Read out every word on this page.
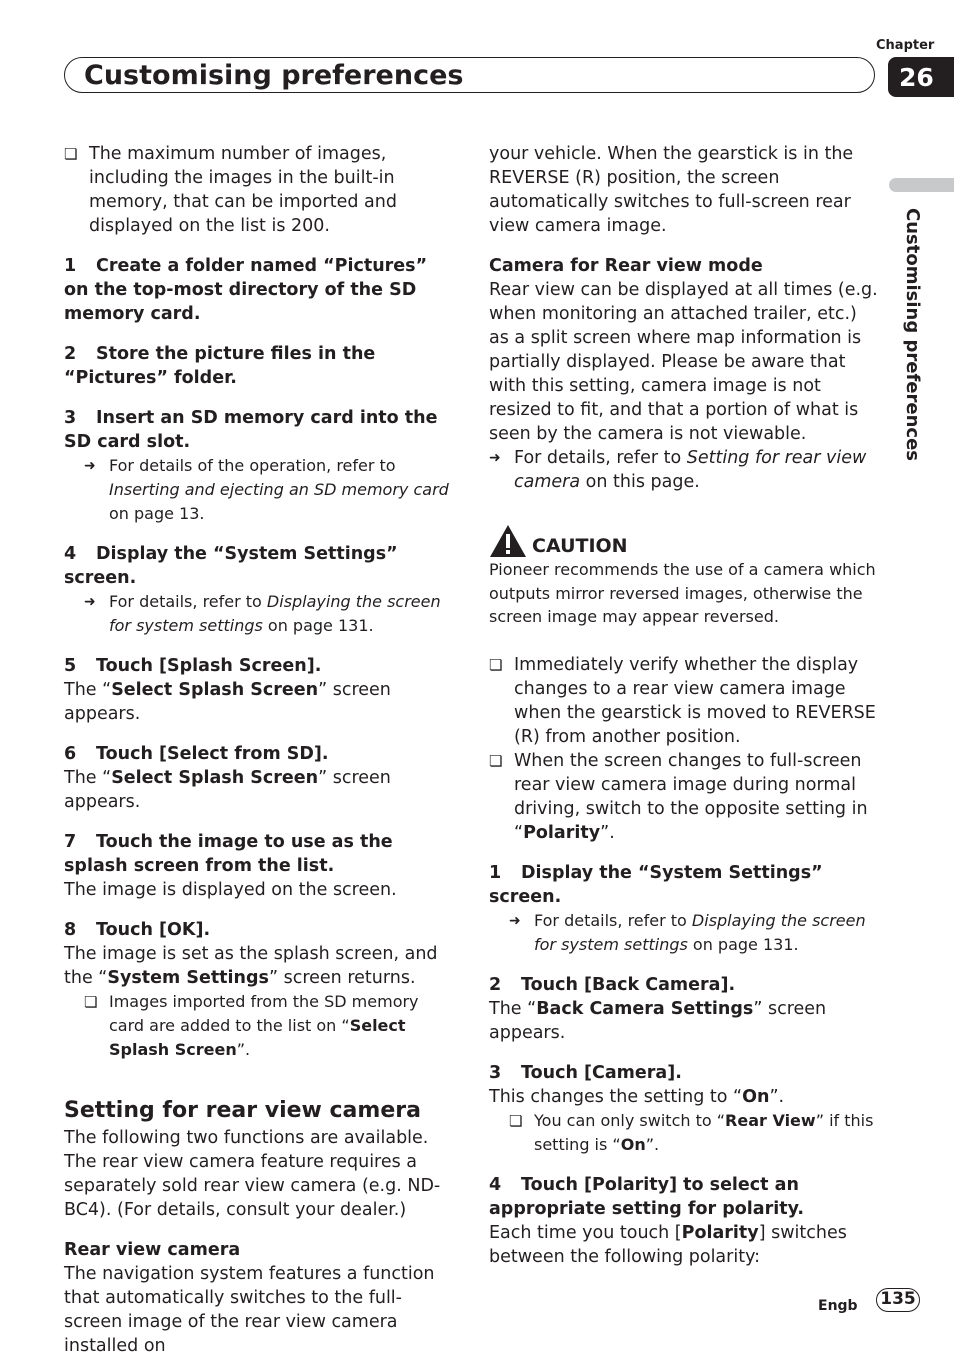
Chapter
26
Customising preferences
Customising preferences

❏ The maximum number of images, including the images in the built-in memory, that can be imported and displayed on the list is 200.

1 Create a folder named “Pictures” on the top-most directory of the SD memory card.

2 Store the picture files in the “Pictures” folder.

3 Insert an SD memory card into the SD card slot.

➜ For details of the operation, refer to Inserting and ejecting an SD memory card on page 13.

4 Display the “System Settings” screen.

➜ For details, refer to Displaying the screen for system settings on page 131.

5 Touch [Splash Screen].

The “Select Splash Screen” screen appears.

6 Touch [Select from SD].

The “Select Splash Screen” screen appears.

7 Touch the image to use as the splash screen from the list.

The image is displayed on the screen.

8 Touch [OK].

The image is set as the splash screen, and the “System Settings” screen returns.

❏ Images imported from the SD memory card are added to the list on “Select Splash Screen”.

Setting for rear view camera

The following two functions are available. The rear view camera feature requires a separately sold rear view camera (e.g. ND-BC4). (For details, consult your dealer.)

Rear view camera

The navigation system features a function that automatically switches to the full-screen image of the rear view camera installed on

your vehicle. When the gearstick is in the REVERSE (R) position, the screen automatically switches to full-screen rear view camera image.

Camera for Rear view mode

Rear view can be displayed at all times (e.g. when monitoring an attached trailer, etc.) as a split screen where map information is partially displayed. Please be aware that with this setting, camera image is not resized to fit, and that a portion of what is seen by the camera is not viewable.

➜ For details, refer to Setting for rear view camera on this page.

CAUTION

Pioneer recommends the use of a camera which outputs mirror reversed images, otherwise the screen image may appear reversed.

❏ Immediately verify whether the display changes to a rear view camera image when the gearstick is moved to REVERSE (R) from another position.

❏ When the screen changes to full-screen rear view camera image during normal driving, switch to the opposite setting in “Polarity”.

1 Display the “System Settings” screen.

➜ For details, refer to Displaying the screen for system settings on page 131.

2 Touch [Back Camera].

The “Back Camera Settings” screen appears.

3 Touch [Camera].

This changes the setting to “On”.

❏ You can only switch to “Rear View” if this setting is “On”.

4 Touch [Polarity] to select an appropriate setting for polarity.

Each time you touch [Polarity] switches between the following polarity:

Engb 135
